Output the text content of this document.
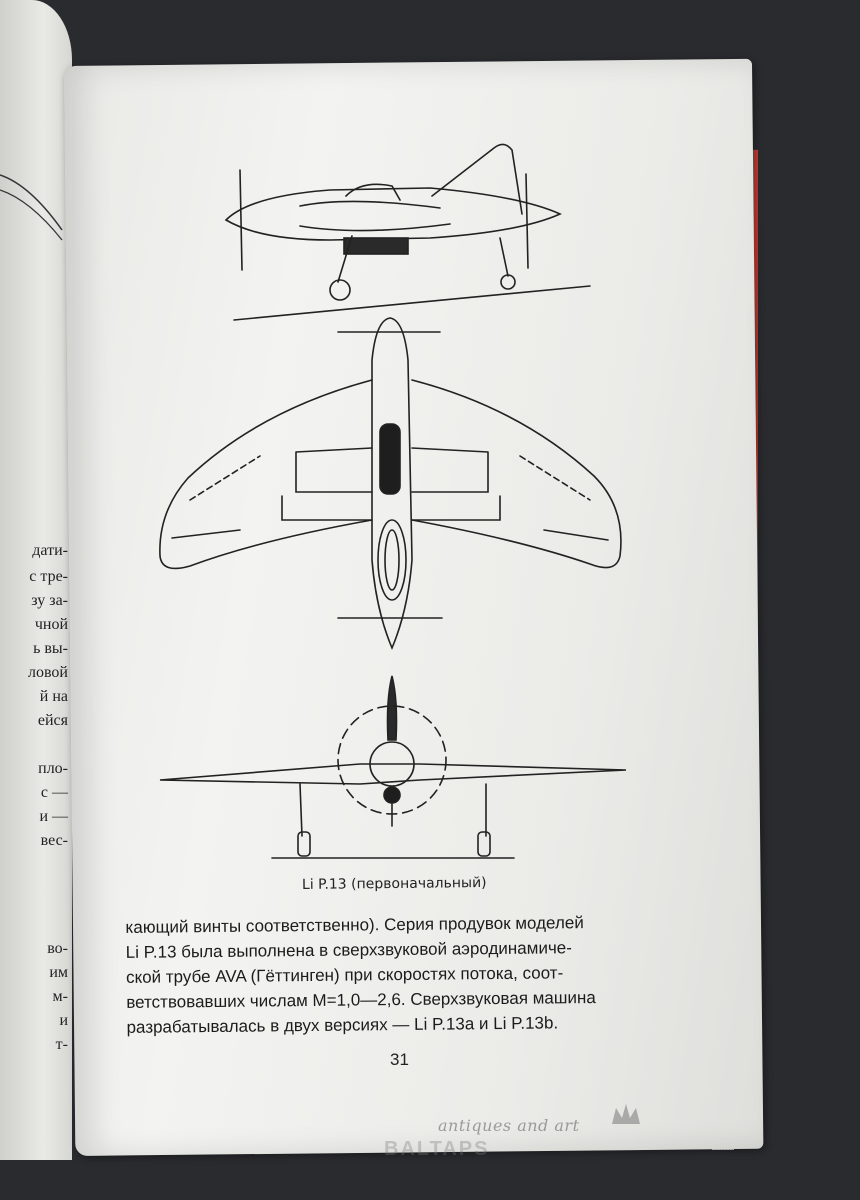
дати-
с тре-
зу за-
чной
ь вы-
ловой
й на
ейся
пло-
с —
и —
вес-
во-
им
м-
и
т-
Li P.13 (первоначальный)
кающий винты соответственно). Серия продувок моделей
Li P.13 была выполнена в сверхзвуковой аэродинамиче-
ской трубе AVA (Гёттинген) при скоростях потока, соот-
ветствовавших числам М=1,0—2,6. Сверхзвуковая машина
разрабатывалась в двух версиях — Li P.13a и Li P.13b.
31
antiques and art
BALTAPS
